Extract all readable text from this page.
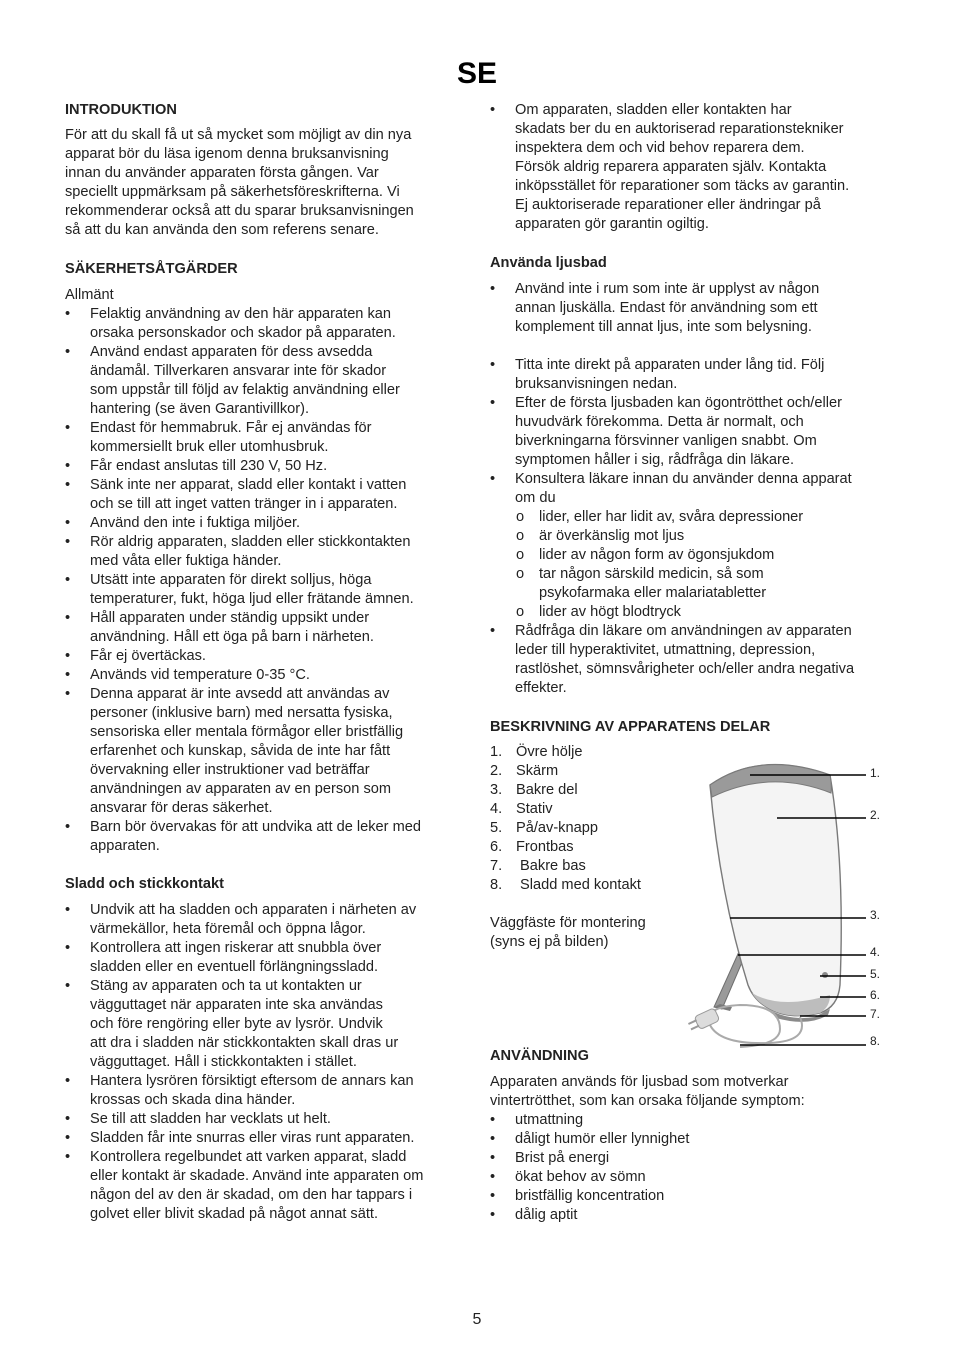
SE
INTRODUKTION

För att du skall få ut så mycket som möjligt av din nya
apparat bör du läsa igenom denna bruksanvisning
innan du använder apparaten första gången. Var
speciellt uppmärksam på säkerhetsföreskrifterna. Vi
rekommenderar också att du sparar bruksanvisningen
så att du kan använda den som referens senare.

SÄKERHETSÅTGÄRDER

Allmänt

• Felaktig användning av den här apparaten kan
orsaka personskador och skador på apparaten.
• Använd endast apparaten för dess avsedda
ändamål. Tillverkaren ansvarar inte för skador
som uppstår till följd av felaktig användning eller
hantering (se även Garantivillkor).
• Endast för hemmabruk. Får ej användas för
kommersiellt bruk eller utomhusbruk.
• Får endast anslutas till 230 V, 50 Hz.
• Sänk inte ner apparat, sladd eller kontakt i vatten
och se till att inget vatten tränger in i apparaten.
• Använd den inte i fuktiga miljöer.
• Rör aldrig apparaten, sladden eller stickkontakten
med våta eller fuktiga händer.
• Utsätt inte apparaten för direkt solljus, höga
temperaturer, fukt, höga ljud eller frätande ämnen.
• Håll apparaten under ständig uppsikt under
användning. Håll ett öga på barn i närheten.
• Får ej övertäckas.
• Används vid temperature 0-35 °C.
• Denna apparat är inte avsedd att användas av
personer (inklusive barn) med nersatta fysiska,
sensoriska eller mentala förmågor eller bristfällig
erfarenhet och kunskap, såvida de inte har fått
övervakning eller instruktioner vad beträffar
användningen av apparaten av en person som
ansvarar för deras säkerhet.
• Barn bör övervakas för att undvika att de leker med
apparaten.
Sladd och stickkontakt
• Undvik att ha sladden och apparaten i närheten av
värmekällor, heta föremål och öppna lågor.
• Kontrollera att ingen riskerar att snubbla över
sladden eller en eventuell förlängningssladd.
• Stäng av apparaten och ta ut kontakten ur
vägguttaget när apparaten inte ska användas
och före rengöring eller byte av lysrör. Undvik
att dra i sladden när stickkontakten skall dras ur
vägguttaget. Håll i stickkontakten i stället.
• Hantera lysrören försiktigt eftersom de annars kan
krossas och skada dina händer.
• Se till att sladden har vecklats ut helt.
• Sladden får inte snurras eller viras runt apparaten.
• Kontrollera regelbundet att varken apparat, sladd
eller kontakt är skadade. Använd inte apparaten om
någon del av den är skadad, om den har tappars i
golvet eller blivit skadad på något annat sätt.
• Om apparaten, sladden eller kontakten har
skadats ber du en auktoriserad reparationstekniker
inspektera dem och vid behov reparera dem.
Försök aldrig reparera apparaten själv. Kontakta
inköpsstället för reparationer som täcks av garantin.
Ej auktoriserade reparationer eller ändringar på
apparaten gör garantin ogiltig.
Använda ljusbad
• Använd inte i rum som inte är upplyst av någon
annan ljuskälla. Endast för användning som ett
komplement till annat ljus, inte som belysning.
• Titta inte direkt på apparaten under lång tid. Följ
bruksanvisningen nedan.
• Efter de första ljusbaden kan ögontrötthet och/eller
huvudvärk förekomma. Detta är normalt, och
biverkningarna försvinner vanligen snabbt. Om
symptomen håller i sig, rådfråga din läkare.
• Konsultera läkare innan du använder denna apparat
om du
o lider, eller har lidit av, svåra depressioner
o är överkänslig mot ljus
o lider av någon form av ögonsjukdom
o tar någon särskild medicin, så som
psykofarmaka eller malariatabletter
o lider av högt blodtryck
• Rådfråga din läkare om användningen av apparaten
leder till hyperaktivitet, utmattning, depression,
rastlöshet, sömnsvårigheter och/eller andra negativa
effekter.
BESKRIVNING AV APPARATENS DELAR
1. Övre hölje
2. Skärm
3. Bakre del
4. Stativ
5. På/av-knapp
6. Frontbas
7. Bakre bas
8. Sladd med kontakt

Väggfäste för montering
(syns ej på bilden)

1.
2.
3.
4.
5.
6.
7.
8.
ANVÄNDNING

Apparaten används för ljusbad som motverkar
vintertrötthet, som kan orsaka följande symptom:

• utmattning
• dåligt humör eller lynnighet
• Brist på energi
• ökat behov av sömn
• bristfällig koncentration
• dålig aptit
5
